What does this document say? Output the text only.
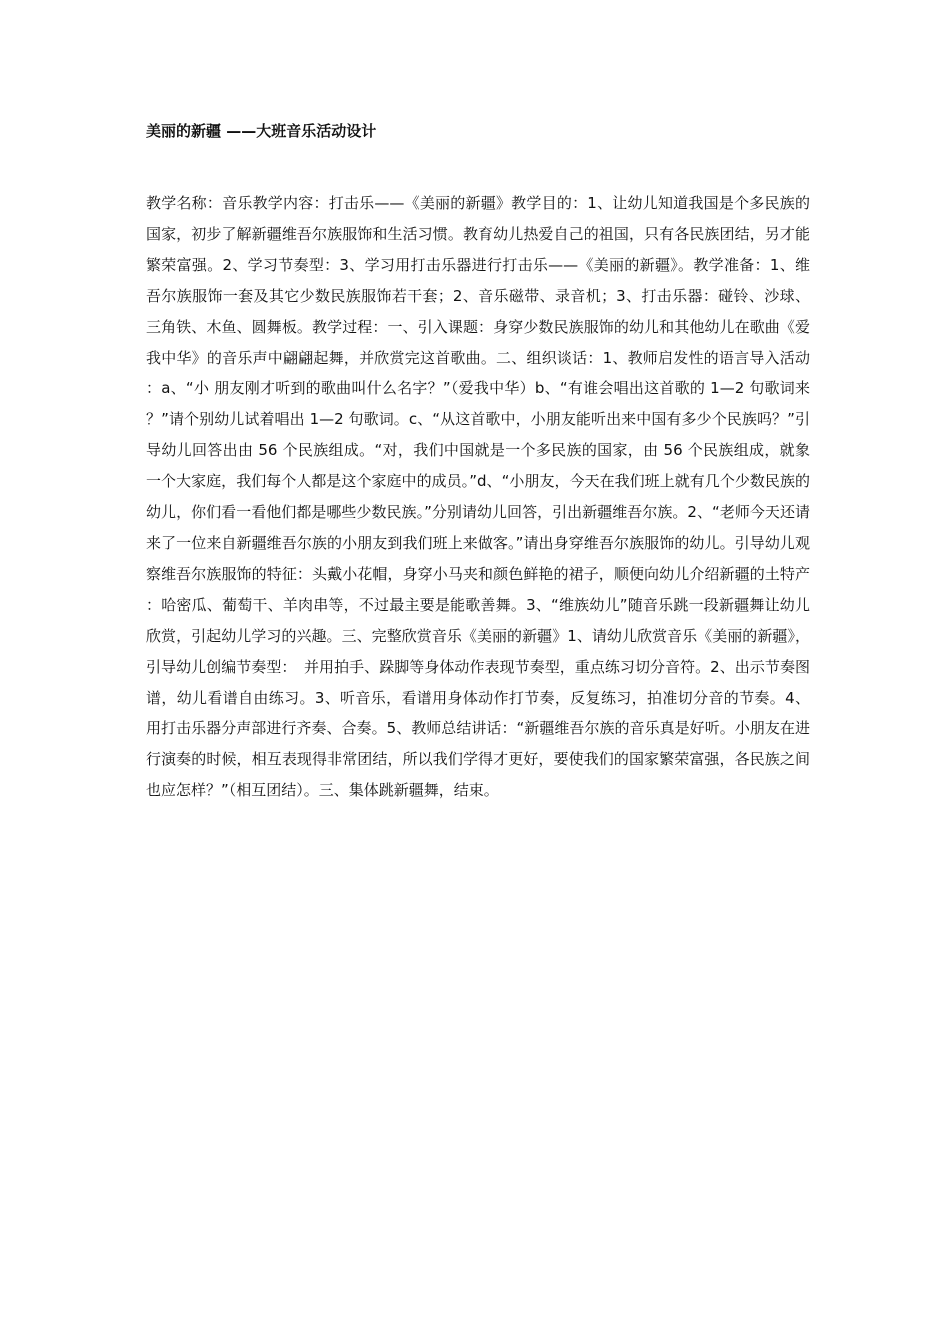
美丽的新疆 ——大班音乐活动设计

教学名称：音乐教学内容：打击乐——《美丽的新疆》教学目的：1、让幼儿知道我国是个多民族的国家，初步了解新疆维吾尔族服饰和生活习惯。教育幼儿热爱自己的祖国，只有各民族团结，另才能繁荣富强。2、学习节奏型：3、学习用打击乐器进行打击乐——《美丽的新疆》。教学准备：1、维吾尔族服饰一套及其它少数民族服饰若干套；2、音乐磁带、录音机；3、打击乐器：碰铃、沙球、三角铁、木鱼、圆舞板。教学过程：一、引入课题：身穿少数民族服饰的幼儿和其他幼儿在歌曲《爱我中华》的音乐声中翩翩起舞，并欣赏完这首歌曲。二、组织谈话：1、教师启发性的语言导入活动：a、“小 朋友刚才听到的歌曲叫什么名字？”（爱我中华）b、“有谁会唱出这首歌的 1—2 句歌词来？”请个别幼儿试着唱出 1—2 句歌词。c、“从这首歌中，小朋友能听出来中国有多少个民族吗？”引导幼儿回答出由 56 个民族组成。“对，我们中国就是一个多民族的国家，由 56 个民族组成，就象一个大家庭，我们每个人都是这个家庭中的成员。”d、“小朋友，今天在我们班上就有几个少数民族的幼儿，你们看一看他们都是哪些少数民族。”分别请幼儿回答，引出新疆维吾尔族。2、“老师今天还请来了一位来自新疆维吾尔族的小朋友到我们班上来做客。”请出身穿维吾尔族服饰的幼儿。引导幼儿观察维吾尔族服饰的特征：头戴小花帽，身穿小马夹和颜色鲜艳的裙子，顺便向幼儿介绍新疆的土特产：哈密瓜、葡萄干、羊肉串等，不过最主要是能歌善舞。3、“维族幼儿”随音乐跳一段新疆舞让幼儿欣赏，引起幼儿学习的兴趣。三、完整欣赏音乐《美丽的新疆》1、请幼儿欣赏音乐《美丽的新疆》，引导幼儿创编节奏型：　并用拍手、跺脚等身体动作表现节奏型，重点练习切分音符。2、出示节奏图谱，幼儿看谱自由练习。3、听音乐，看谱用身体动作打节奏，反复练习，拍准切分音的节奏。4、用打击乐器分声部进行齐奏、合奏。5、教师总结讲话：“新疆维吾尔族的音乐真是好听。小朋友在进行演奏的时候，相互表现得非常团结，所以我们学得才更好，要使我们的国家繁荣富强，各民族之间也应怎样？”（相互团结）。三、集体跳新疆舞，结束。
